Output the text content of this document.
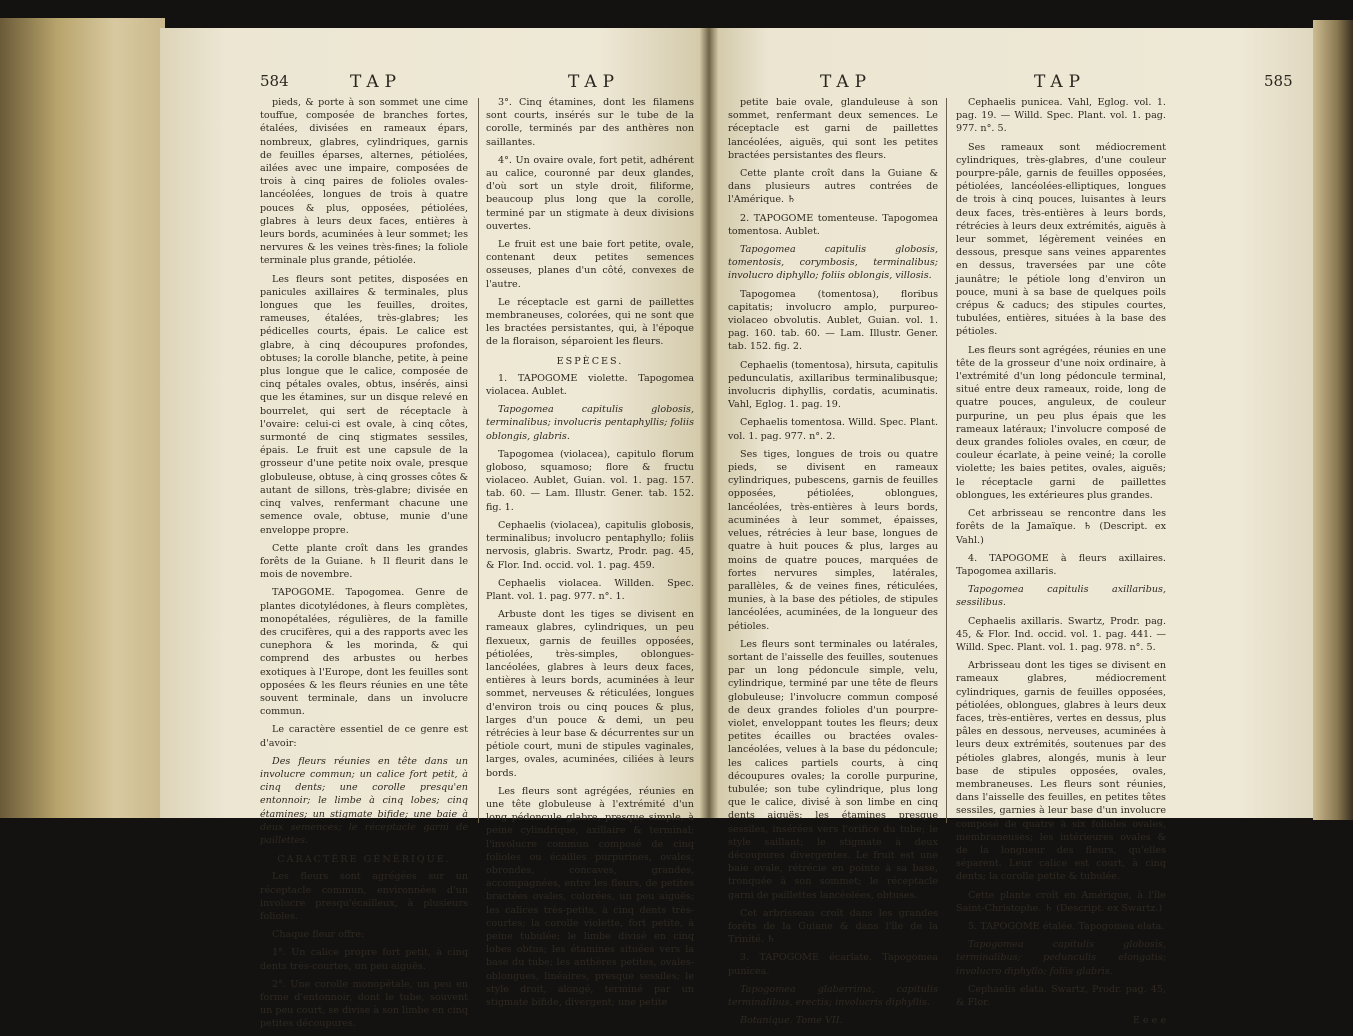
584	TAP	TAP

pieds, & porte à son sommet une cime touffue, composée de branches fortes, étalées, divisées en rameaux épars, nombreux, glabres, cylindriques, garnis de feuilles éparses, alternes, pétiolées, ailées avec une impaire, composées de trois à cinq paires de folioles ovales-lancéolées, longues de trois à quatre pouces & plus, opposées, pétiolées, glabres à leurs deux faces, entières à leurs bords, acuminées à leur sommet; les nervures & les veines très-fines; la foliole terminale plus grande, pétiolée.

Les fleurs sont petites, disposées en panicules axillaires & terminales, plus longues que les feuilles, droites, rameuses, étalées, très-glabres; les pédicelles courts, épais. Le calice est glabre, à cinq découpures profondes, obtuses; la corolle blanche, petite, à peine plus longue que le calice, composée de cinq pétales ovales, obtus, insérés, ainsi que les étamines, sur un disque relevé en bourrelet, qui sert de réceptacle à l'ovaire: celui-ci est ovale, à cinq côtes, surmonté de cinq stigmates sessiles, épais. Le fruit est une capsule de la grosseur d'une petite noix ovale, presque globuleuse, obtuse, à cinq grosses côtes & autant de sillons, très-glabre; divisée en cinq valves, renfermant chacune une semence ovale, obtuse, munie d'une enveloppe propre.

Cette plante croît dans les grandes forêts de la Guiane. ♄ Il fleurit dans le mois de novembre.

TAPOGOME. Tapogomea. Genre de plantes dicotylédones, à fleurs complètes, monopétalées, régulières, de la famille des crucifères, qui a des rapports avec les cunephora & les morinda, & qui comprend des arbustes ou herbes exotiques à l'Europe, dont les feuilles sont opposées & les fleurs réunies en une tête souvent terminale, dans un involucre commun.

Le caractère essentiel de ce genre est d'avoir:

Des fleurs réunies en tête dans un involucre commun; un calice fort petit, à cinq dents; une corolle presqu'en entonnoir; le limbe à cinq lobes; cinq étamines; un stigmate bifide; une baie à deux semences; le réceptacle garni de paillettes.

CARACTÈRE GÉNÉRIQUE.

Les fleurs sont agrégées sur un réceptacle commun, environnées d'un involucre presqu'écailleux, à plusieurs folioles.

Chaque fleur offre:

1°. Un calice propre fort petit, à cinq dents très-courtes, un peu aiguës.

2°. Une corolle monopétale, un peu en forme d'entonnoir, dont le tube, souvent un peu court, se divise à son limbe en cinq petites découpures.

3°. Cinq étamines, dont les filamens sont courts, insérés sur le tube de la corolle, terminés par des anthères non saillantes.

4°. Un ovaire ovale, fort petit, adhérent au calice, couronné par deux glandes, d'où sort un style droit, filiforme, beaucoup plus long que la corolle, terminé par un stigmate à deux divisions ouvertes.

Le fruit est une baie fort petite, ovale, contenant deux petites semences osseuses, planes d'un côté, convexes de l'autre.

Le réceptacle est garni de paillettes membraneuses, colorées, qui ne sont que les bractées persistantes, qui, à l'époque de la floraison, séparoient les fleurs.

ESPÈCES.

1. TAPOGOME violette. Tapogomea violacea. Aublet.

Tapogomea capitulis globosis, terminalibus; involucris pentaphyllis; foliis oblongis, glabris.

Tapogomea (violacea), capitulo florum globoso, squamoso; flore & fructu violaceo. Aublet, Guian. vol. 1. pag. 157. tab. 60. — Lam. Illustr. Gener. tab. 152. fig. 1.

Cephaelis (violacea), capitulis globosis, terminalibus; involucro pentaphyllo; foliis nervosis, glabris. Swartz, Prodr. pag. 45, & Flor. Ind. occid. vol. 1. pag. 459.

Cephaelis violacea. Willden. Spec. Plant. vol. 1. pag. 977. n°. 1.

Arbuste dont les tiges se divisent en rameaux glabres, cylindriques, un peu flexueux, garnis de feuilles opposées, pétiolées, très-simples, oblongues-lancéolées, glabres à leurs deux faces, entières à leurs bords, acuminées à leur sommet, nerveuses & réticulées, longues d'environ trois ou cinq pouces & plus, larges d'un pouce & demi, un peu rétrécies à leur base & décurrentes sur un pétiole court, muni de stipules vaginales, larges, ovales, acuminées, ciliées à leurs bords.

Les fleurs sont agrégées, réunies en une tête globuleuse à l'extrémité d'un long pédoncule glabre, presque simple, à peine cylindrique, axillaire & terminal; l'involucre commun composé de cinq folioles ou écailles purpurines, ovales, obrondes, concaves, grandes, accompagnées, entre les fleurs, de petites bractées ovales, colorées, un peu aiguës; les calices très-petits, à cinq dents très-courtes; la corolle violette, fort petite, à peine tubulée; le limbe divisé en cinq lobes obtus; les étamines situées vers la base du tube; les anthères petites, ovales-oblongues, linéaires, presque sessiles; le style droit, alongé, terminé par un stigmate bifide, divergent; une petite

TAP	TAP	585

petite baie ovale, glanduleuse à son sommet, renfermant deux semences. Le réceptacle est garni de paillettes lancéolées, aiguës, qui sont les petites bractées persistantes des fleurs.

Cette plante croît dans la Guiane & dans plusieurs autres contrées de l'Amérique. ♄

2. TAPOGOME tomenteuse. Tapogomea tomentosa. Aublet.

Tapogomea capitulis globosis, tomentosis, corymbosis, terminalibus; involucro diphyllo; foliis oblongis, villosis.

Tapogomea (tomentosa), floribus capitatis; involucro amplo, purpureo-violaceo obvolutis. Aublet, Guian. vol. 1. pag. 160. tab. 60. — Lam. Illustr. Gener. tab. 152. fig. 2.

Cephaelis (tomentosa), hirsuta, capitulis pedunculatis, axillaribus terminalibusque; involucris diphyllis, cordatis, acuminatis. Vahl, Eglog. 1. pag. 19.

Cephaelis tomentosa. Willd. Spec. Plant. vol. 1. pag. 977. n°. 2.

Ses tiges, longues de trois ou quatre pieds, se divisent en rameaux cylindriques, pubescens, garnis de feuilles opposées, pétiolées, oblongues, lancéolées, très-entières à leurs bords, acuminées à leur sommet, épaisses, velues, rétrécies à leur base, longues de quatre à huit pouces & plus, larges au moins de quatre pouces, marquées de fortes nervures simples, latérales, parallèles, & de veines fines, réticulées, munies, à la base des pétioles, de stipules lancéolées, acuminées, de la longueur des pétioles.

Les fleurs sont terminales ou latérales, sortant de l'aisselle des feuilles, soutenues par un long pédoncule simple, velu, cylindrique, terminé par une tête de fleurs globuleuse; l'involucre commun composé de deux grandes folioles d'un pourpre-violet, enveloppant toutes les fleurs; deux petites écailles ou bractées ovales-lancéolées, velues à la base du pédoncule; les calices partiels courts, à cinq découpures ovales; la corolle purpurine, tubulée; son tube cylindrique, plus long que le calice, divisé à son limbe en cinq dents aiguës; les étamines presque sessiles, insérées vers l'orifice du tube; le style saillant; le stigmate à deux découpures divergentes. Le fruit est une baie ovale, rétrécie en pointe à sa base, tronquée à son sommet; le réceptacle garni de paillettes lancéolées, obtuses.

Cet arbrisseau croît dans les grandes forêts de la Guiane & dans l'île de la Trinité. ♄

3. TAPOGOME écarlate. Tapogomea punicea.

Tapogomea glaberrima, capitulis terminalibus, erectis; involucris diphyllis.

Botanique. Tome VII.

Cephaelis punicea. Vahl, Eglog. vol. 1. pag. 19. — Willd. Spec. Plant. vol. 1. pag. 977. n°. 5.

Ses rameaux sont médiocrement cylindriques, très-glabres, d'une couleur pourpre-pâle, garnis de feuilles opposées, pétiolées, lancéolées-elliptiques, longues de trois à cinq pouces, luisantes à leurs deux faces, très-entières à leurs bords, rétrécies à leurs deux extrémités, aiguës à leur sommet, légèrement veinées en dessous, presque sans veines apparentes en dessus, traversées par une côte jaunâtre; le pétiole long d'environ un pouce, muni à sa base de quelques poils crépus & caducs; des stipules courtes, tubulées, entières, situées à la base des pétioles.

Les fleurs sont agrégées, réunies en une tête de la grosseur d'une noix ordinaire, à l'extrémité d'un long pédoncule terminal, situé entre deux rameaux, roide, long de quatre pouces, anguleux, de couleur purpurine, un peu plus épais que les rameaux latéraux; l'involucre composé de deux grandes folioles ovales, en cœur, de couleur écarlate, à peine veiné; la corolle violette; les baies petites, ovales, aiguës; le réceptacle garni de paillettes oblongues, les extérieures plus grandes.

Cet arbrisseau se rencontre dans les forêts de la Jamaïque. ♄ (Descript. ex Vahl.)

4. TAPOGOME à fleurs axillaires. Tapogomea axillaris.

Tapogomea capitulis axillaribus, sessilibus.

Cephaelis axillaris. Swartz, Prodr. pag. 45, & Flor. Ind. occid. vol. 1. pag. 441. — Willd. Spec. Plant. vol. 1. pag. 978. n°. 5.

Arbrisseau dont les tiges se divisent en rameaux glabres, médiocrement cylindriques, garnis de feuilles opposées, pétiolées, oblongues, glabres à leurs deux faces, très-entières, vertes en dessus, plus pâles en dessous, nerveuses, acuminées à leurs deux extrémités, soutenues par des pétioles glabres, alongés, munis à leur base de stipules opposées, ovales, membraneuses. Les fleurs sont réunies, dans l'aisselle des feuilles, en petites têtes sessiles, garnies à leur base d'un involucre composé de quatre à six folioles ovales, membraneuses; les intérieures ovales & de la longueur des fleurs, qu'elles séparent. Leur calice est court, à cinq dents; la corolle petite & tubulée.

Cette plante croît en Amérique, à l'île Saint-Christophe. ♄ (Descript. ex Swartz.)

5. TAPOGOME étalée. Tapogomea elata.

Tapogomea capitulis globosis, terminalibus; pedunculis elongatis; involucro diphyllo; foliis glabris.

Cephaelis elata. Swartz, Prodr. pag. 45, & Flor.

E e e e
